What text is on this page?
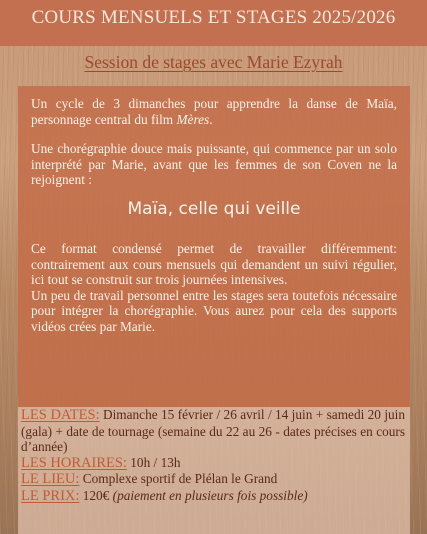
COURS MENSUELS ET STAGES 2025/2026
Session de stages avec Marie Ezyrah

Un cycle de 3 dimanches pour apprendre la danse de Maïa, personnage central du film Mères.

Une chorégraphie douce mais puissante, qui commence par un solo interprété par Marie, avant que les femmes de son Coven ne la rejoignent :

Maïa, celle qui veille

Ce format condensé permet de travailler différemment: contrairement aux cours mensuels qui demandent un suivi régulier, ici tout se construit sur trois journées intensives.

Un peu de travail personnel entre les stages sera toutefois nécessaire pour intégrer la chorégraphie. Vous aurez pour cela des supports vidéos crées par Marie.

LES DATES: Dimanche 15 février / 26 avril / 14 juin + samedi 20 juin (gala) + date de tournage (semaine du 22 au 26 - dates précises en cours d’année)

LES HORAIRES: 10h / 13h

LE LIEU: Complexe sportif de Plélan le Grand

LE PRIX: 120€ (paiement en plusieurs fois possible)
